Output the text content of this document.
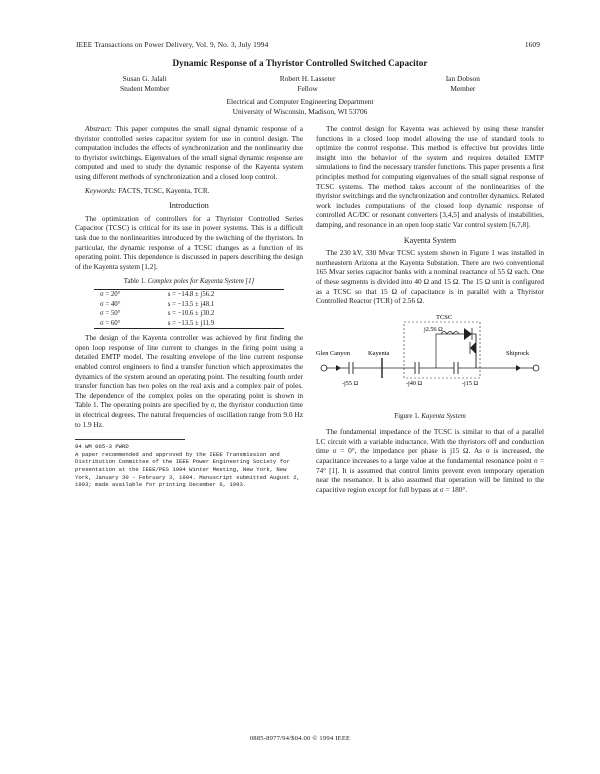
IEEE Transactions on Power Delivery, Vol. 9, No. 3, July 1994	1609
Dynamic Response of a Thyristor Controlled Switched Capacitor
Susan G. Jalali
Student Member
Robert H. Lasseter
Fellow
Ian Dobson
Member
Electrical and Computer Engineering Department
University of Wisconsin, Madison, WI 53706

Abstract: This paper computes the small signal dynamic response of a thyristor controlled series capacitor system for use in control design. The computation includes the effects of synchronization and the nonlinearity due to thyristor switchings. Eigenvalues of the small signal dynamic response are computed and used to study the dynamic response of the Kayenta system using different methods of synchronization and a closed loop control.

Keywords: FACTS, TCSC, Kayenta, TCR.

Introduction

The optimization of controllers for a Thyristor Controlled Series Capacitor (TCSC) is critical for its use in power systems. This is a difficult task due to the nonlinearities introduced by the switching of the thyristors. In particular, the dynamic response of a TCSC changes as a function of its operating point. This dependence is discussed in papers describing the design of the Kayenta system [1,2].

Table 1. Complex poles for Kayenta System [1]
σ = 20°	s = −14.8 ± j56.2
σ = 40°	s = −13.5 ± j48.1
σ = 50°	s = −10.6 ± j30.2
σ = 60°	s = −13.5 ± j11.9

The design of the Kayenta controller was achieved by first finding the open loop response of line current to changes in the firing point using a detailed EMTP model. The resulting envelope of the line current response enabled control engineers to find a transfer function which approximates the dynamics of the system around an operating point. The resulting fourth order transfer function has two poles on the real axis and a complex pair of poles. The dependence of the complex poles on the operating point is shown in Table 1. The operating points are specified by σ, the thyristor conduction time in electrical degrees. The natural frequencies of oscillation range from 9.0 Hz to 1.9 Hz.

94 WM 065-3 PWRD
A paper recommended and approved by the IEEE Transmission and Distribution Committee of the IEEE Power Engineering Society for presentation at the IEEE/PES 1994 Winter Meeting, New York, New York, January 30 - February 3, 1994. Manuscript submitted August 2, 1993; made available for printing December 6, 1993.

The control design for Kayenta was achieved by using these transfer functions in a closed loop model allowing the use of standard tools to optimize the control response. This method is effective but provides little insight into the behavior of the system and requires detailed EMTP simulations to find the necessary transfer functions. This paper presents a first principles method for computing eigenvalues of the small signal response of TCSC systems. The method takes account of the nonlinearities of the thyristor switchings and the synchronization and controller dynamics. Related work includes computations of the closed loop dynamic response of controlled AC/DC or resonant converters [3,4,5] and analysis of instabilities, damping, and resonance in an open loop static Var control system [6,7,8].

Kayenta System

The 230 kV, 330 Mvar TCSC system shown in Figure 1 was installed in northeastern Arizona at the Kayenta Substation. There are two conventional 165 Mvar series capacitor banks with a nominal reactance of 55 Ω each. One of these segments is divided into 40 Ω and 15 Ω. The 15 Ω unit is configured as a TCSC so that 15 Ω of capacitance is in parallel with a Thyristor Controlled Reactor (TCR) of 2.56 Ω.

TCSC
-j55 Ω	-j40 Ω	-j15 Ω
j2.56 Ω
Glen Canyon	Kayenta	Shiprock
Figure 1. Kayenta System

The fundamental impedance of the TCSC is similar to that of a parallel LC circuit with a variable inductance. With the thyristors off and conduction time σ = 0°, the impedance per phase is j15 Ω. As σ is increased, the capacitance increases to a large value at the fundamental resonance point σ = 74° [1]. It is assumed that control limits prevent even temporary operation near the resonance. It is also assumed that operation will be limited to the capacitive region except for full bypass at σ = 180°.

0885-8977/94/$04.00 © 1994 IEEE
